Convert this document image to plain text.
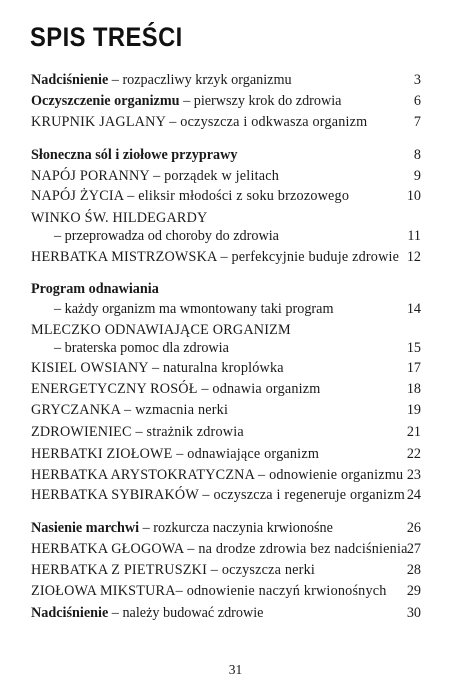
SPIS TREŚCI
Nadciśnienie – rozpaczliwy krzyk organizmu	3
Oczyszczenie organizmu – pierwszy krok do zdrowia	6
KRUPNIK JAGLANY – oczyszcza i odkwasza organizm	7
Słoneczna sól i ziołowe przyprawy	8
NAPÓJ PORANNY – porządek w jelitach	9
NAPÓJ ŻYCIA – eliksir młodości z soku brzozowego	10
WINKO ŚW. HILDEGARDY
– przeprowadza od choroby do zdrowia	11
HERBATKA MISTRZOWSKA – perfekcyjnie buduje zdrowie 12
Program odnawiania
– każdy organizm ma wmontowany taki program	14
MLECZKO ODNAWIAJĄCE ORGANIZM
– braterska pomoc dla zdrowia	15
KISIEL OWSIANY – naturalna kroplówka	17
ENERGETYCZNY ROSÓŁ – odnawia organizm	18
GRYCZANKA – wzmacnia nerki	19
ZDROWIENIEC – strażnik zdrowia	21
HERBATKI ZIOŁOWE – odnawiające organizm	22
HERBATKA ARYSTOKRATYCZNA – odnowienie organizmu 23
HERBATKA SYBIRAKÓW – oczyszcza i regeneruje organizm 24
Nasienie marchwi – rozkurcza naczynia krwionośne	26
HERBATKA GŁOGOWA – na drodze zdrowia bez nadciśnienia 27
HERBATKA Z PIETRUSZKI – oczyszcza nerki	28
ZIOŁOWA MIKSTURA– odnowienie naczyń krwionośnych 29
Nadciśnienie – należy budować zdrowie	30
31
